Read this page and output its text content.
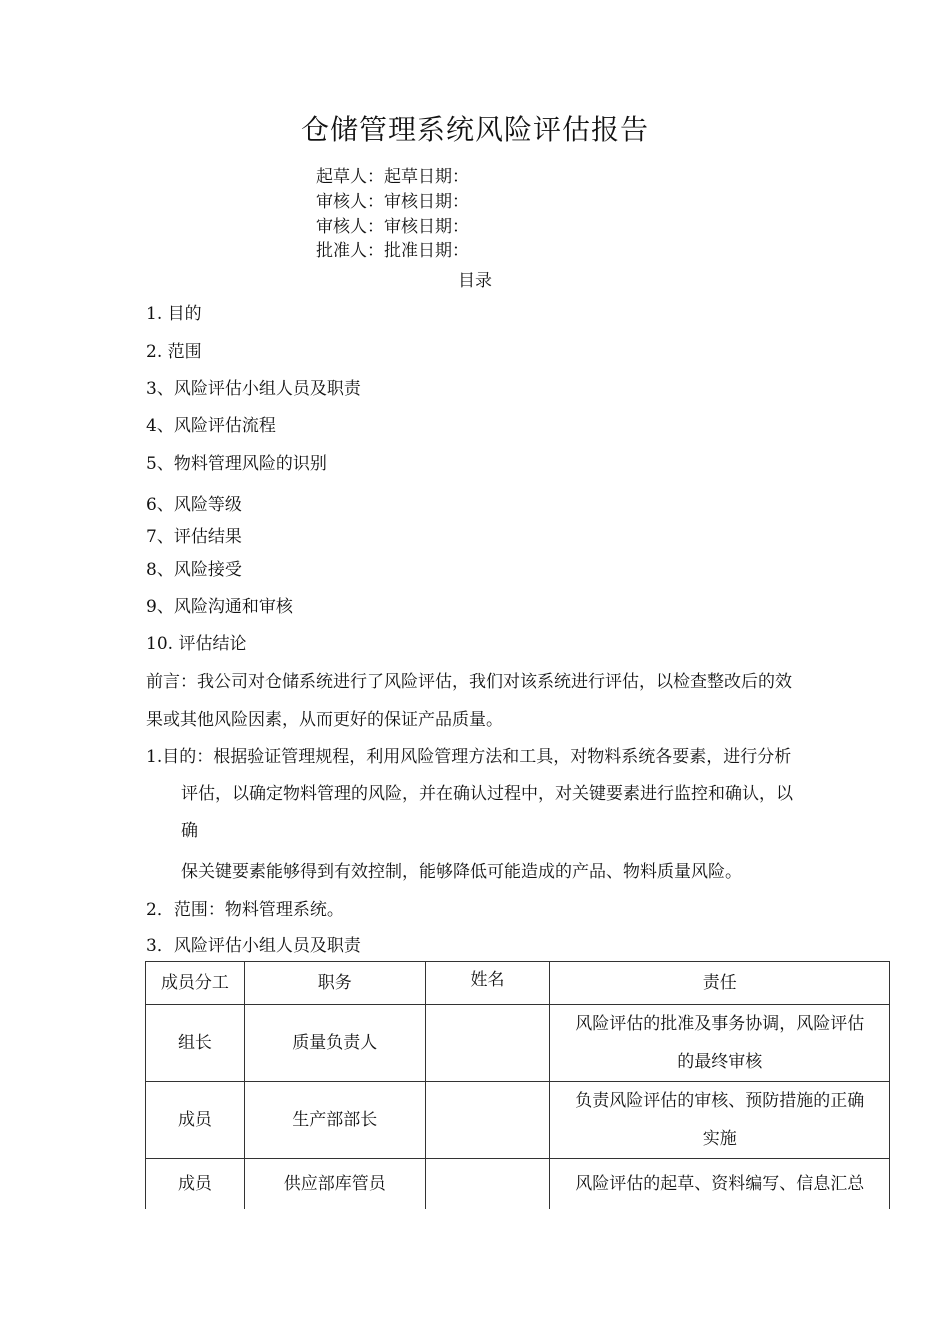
仓储管理系统风险评估报告
起草人：起草日期：
审核人：审核日期：
审核人：审核日期：
批准人：批准日期：
目录
1. 目的
2. 范围
3、风险评估小组人员及职责
4、风险评估流程
5、物料管理风险的识别
6、风险等级
7、评估结果
8、风险接受
9、风险沟通和审核
10. 评估结论
前言：我公司对仓储系统进行了风险评估，我们对该系统进行评估，以检查整改后的效
果或其他风险因素，从而更好的保证产品质量。
1.目的：根据验证管理规程，利用风险管理方法和工具，对物料系统各要素，进行分析
评估，以确定物料管理的风险，并在确认过程中，对关键要素进行监控和确认，以
确
保关键要素能够得到有效控制，能够降低可能造成的产品、物料质量风险。
2．范围：物料管理系统。
3．风险评估小组人员及职责
成员分工	职务	姓名	责任
组长	质量负责人		风险评估的批准及事务协调，风险评估
的最终审核

成员	生产部部长		负责风险评估的审核、预防措施的正确
实施

成员	供应部库管员		风险评估的起草、资料编写、信息汇总
